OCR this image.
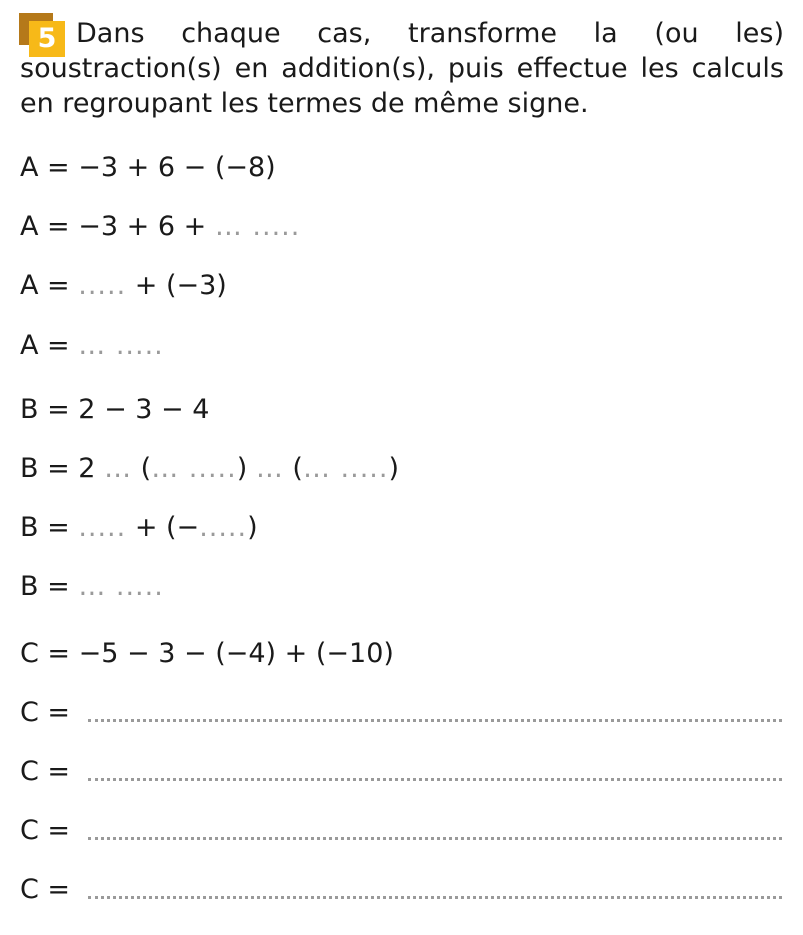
5 Dans chaque cas, transforme la (ou les) soustraction(s) en addition(s), puis effectue les calculs en regroupant les termes de même signe.

A = −3 + 6 − (−8)
A = −3 + 6 + … .....
A = ..... + (−3)
A = … .....
B = 2 − 3 − 4
B = 2 … (… .....) … (… .....)
B = ..... + (−.....)
B = … .....
C = −5 − 3 − (−4) + (−10)
C =
C =
C =
C =
